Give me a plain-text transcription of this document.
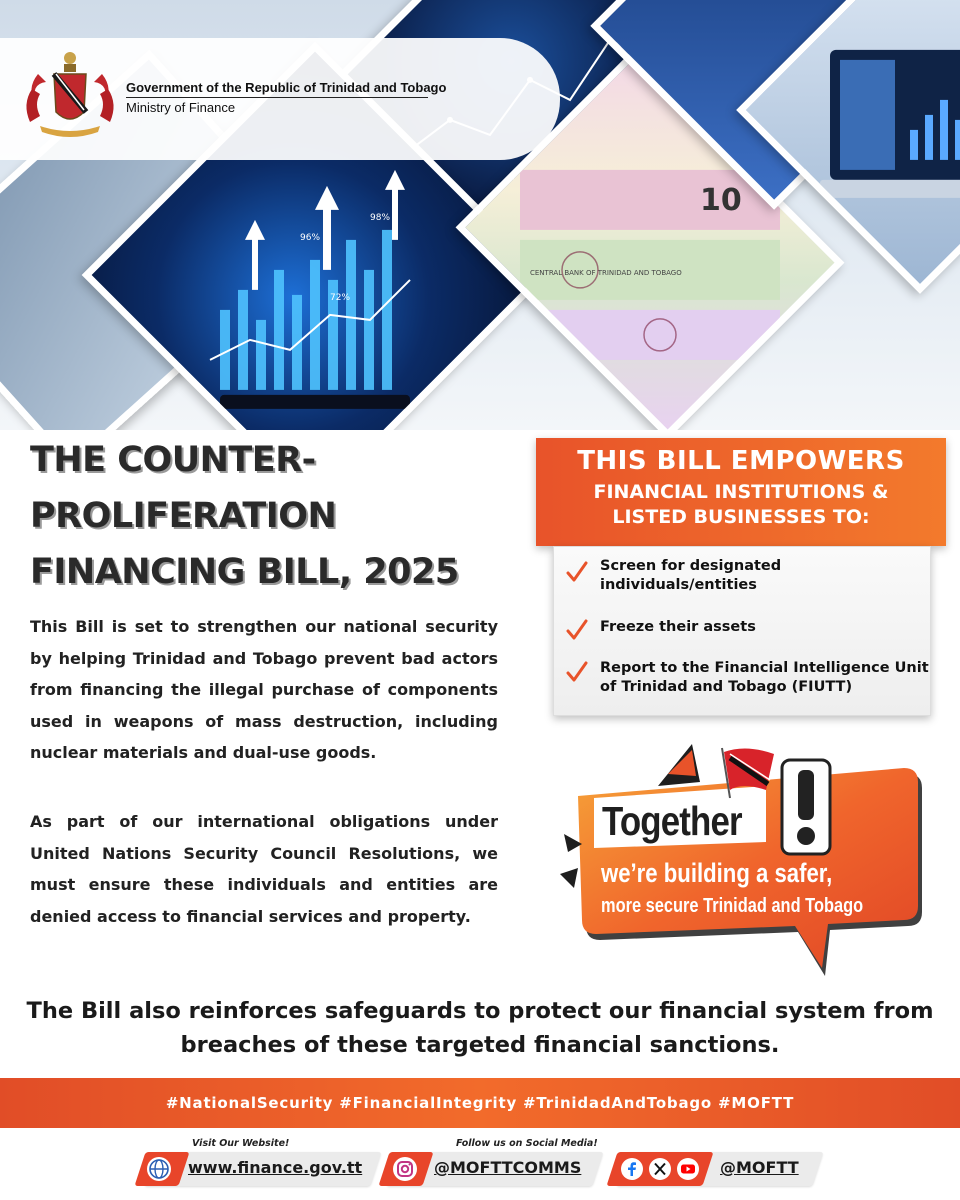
96%
98%
72%
10
CENTRAL BANK OF TRINIDAD AND TOBAGO
Government of the Republic of Trinidad and Tobago
Ministry of Finance
THE COUNTER-
PROLIFERATION
FINANCING BILL, 2025

This Bill is set to strengthen our national security by helping Trinidad and Tobago prevent bad actors from financing the illegal purchase of components used in weapons of mass destruction, including nuclear materials and dual-use goods.

As part of our international obligations under United Nations Security Council Resolutions, we must ensure these individuals and entities are denied access to financial services and property.

THIS BILL EMPOWERS
FINANCIAL INSTITUTIONS &
LISTED BUSINESSES TO:
Screen for designated individuals/entities
Freeze their assets
Report to the Financial Intelligence Unit of Trinidad and Tobago (FIUTT)
Together
we’re building a safer,
more secure Trinidad and Tobago

The Bill also reinforces safeguards to protect our financial system from breaches of these targeted financial sanctions.

#NationalSecurity #FinancialIntegrity #TrinidadAndTobago #MOFTT
Visit Our Website!
www.finance.gov.tt
Follow us on Social Media!
@MOFTTCOMMS	@MOFTT
